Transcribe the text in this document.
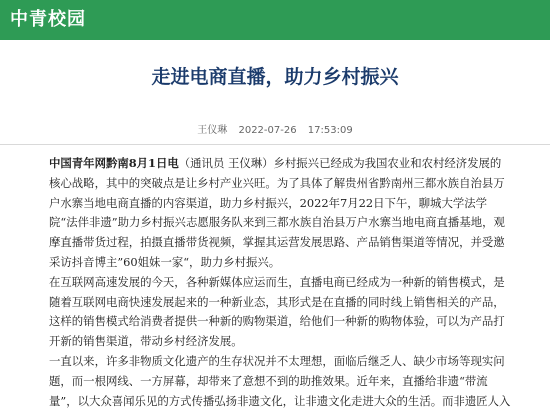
中青校园
走进电商直播，助力乡村振兴
王仪琳 2022-07-26 17:53:09

中国青年网黔南8月1日电（通讯员 王仪琳）乡村振兴已经成为我国农业和农村经济发展的核心战略，其中的突破点是让乡村产业兴旺。为了具体了解贵州省黔南州三都水族自治县万户水寨当地电商直播的内容渠道，助力乡村振兴，2022年7月22日下午，聊城大学法学院“法伴非遗”助力乡村振兴志愿服务队来到三都水族自治县万户水寨当地电商直播基地，观摩直播带货过程，拍摄直播带货视频，掌握其运营发展思路、产品销售渠道等情况，并受邀采访抖音博主”60姐妹一家“，助力乡村振兴。

在互联网高速发展的今天，各种新媒体应运而生，直播电商已经成为一种新的销售模式，是随着互联网电商快速发展起来的一种新业态，其形式是在直播的同时线上销售相关的产品，这样的销售模式给消费者提供一种新的购物渠道，给他们一种新的购物体验，可以为产品打开新的销售渠道，带动乡村经济发展。

一直以来，许多非物质文化遗产的生存状况并不太理想，面临后继乏人、缺少市场等现实问题，而一根网线、一方屏幕，却带来了意想不到的助推效果。近年来，直播给非遗“带流量”，以大众喜闻乐见的方式传播弘扬非遗文化，让非遗文化走进大众的生活。而非遗匠人入
